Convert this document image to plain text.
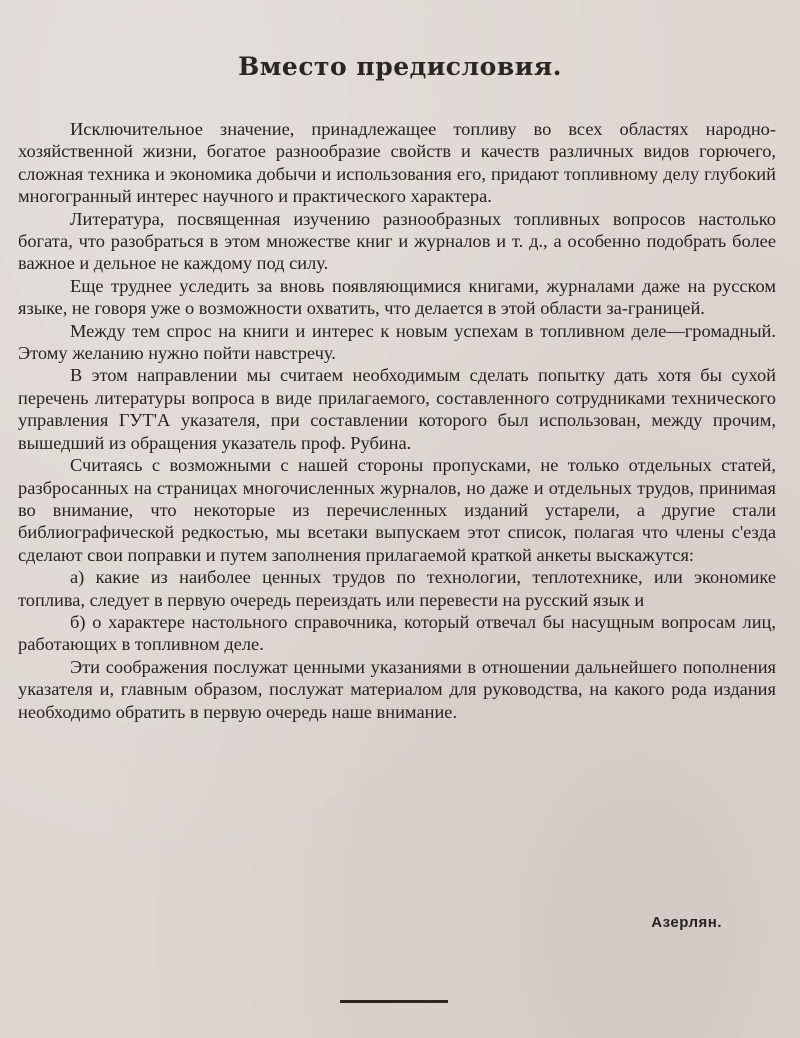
Вместо предисловия.

Исключительное значение, принадлежащее топливу во всех областях народно-хозяйственной жизни, богатое разнообразие свойств и качеств различных видов горючего, сложная техника и экономика добычи и использования его, придают топливному делу глубокий многогранный интерес научного и практического характера.

Литература, посвященная изучению разнообразных топливных вопросов настолько богата, что разобраться в этом множестве книг и журналов и т. д., а особенно подобрать более важное и дельное не каждому под силу.

Еще труднее уследить за вновь появляющимися книгами, журналами даже на русском языке, не говоря уже о возможности охватить, что делается в этой области за-границей.

Между тем спрос на книги и интерес к новым успехам в топливном деле—громадный. Этому желанию нужно пойти навстречу.

В этом направлении мы считаем необходимым сделать попытку дать хотя бы сухой перечень литературы вопроса в виде прилагаемого, составленного сотрудниками технического управления ГУТ'А указателя, при составлении которого был использован, между прочим, вышедший из обращения указатель проф. Рубина.

Считаясь с возможными с нашей стороны пропусками, не только отдельных статей, разбросанных на страницах многочисленных журналов, но даже и отдельных трудов, принимая во внимание, что некоторые из перечисленных изданий устарели, а другие стали библиографической редкостью, мы всетаки выпускаем этот список, полагая что члены с'езда сделают свои поправки и путем заполнения прилагаемой краткой анкеты выскажутся:

а) какие из наиболее ценных трудов по технологии, теплотехнике, или экономике топлива, следует в первую очередь переиздать или перевести на русский язык и

б) о характере настольного справочника, который отвечал бы насущным вопросам лиц, работающих в топливном деле.

Эти соображения послужат ценными указаниями в отношении дальнейшего пополнения указателя и, главным образом, послужат материалом для руководства, на какого рода издания необходимо обратить в первую очередь наше внимание.

Азерлян.
